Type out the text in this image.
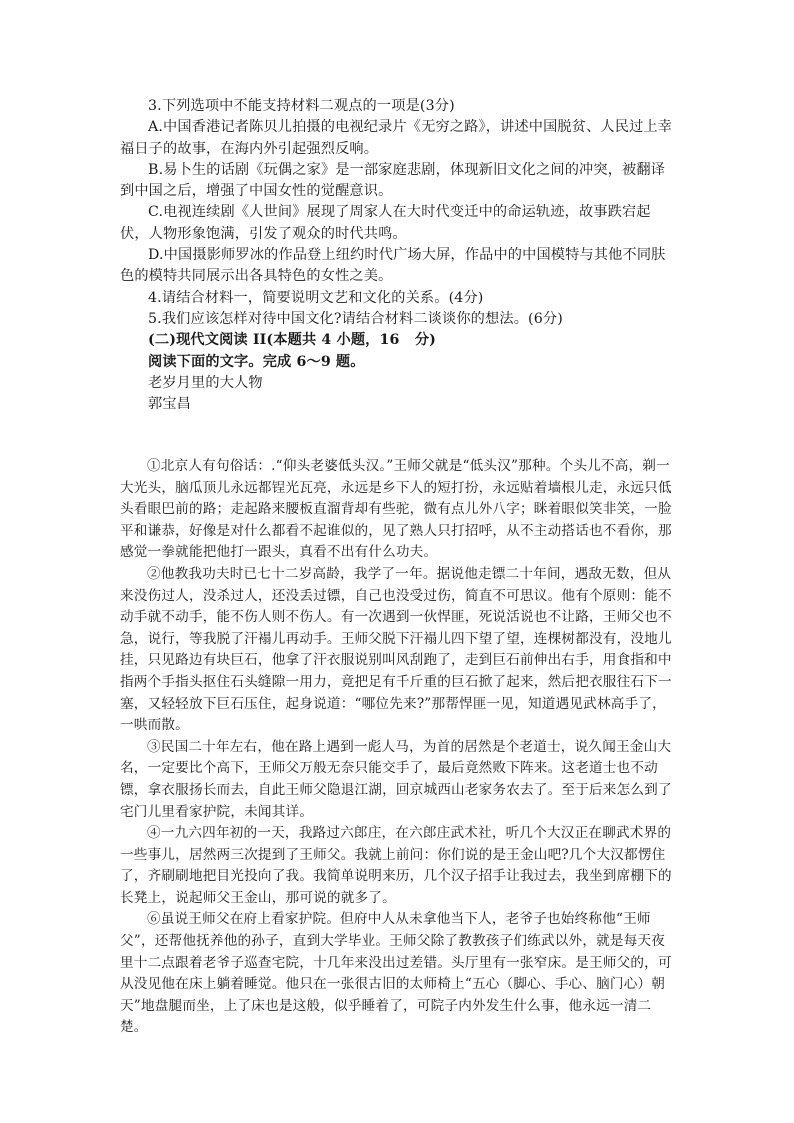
3.下列选项中不能支持材料二观点的一项是(3分)

A.中国香港记者陈贝儿拍摄的电视纪录片《无穷之路》，讲述中国脱贫、人民过上幸福日子的故事，在海内外引起强烈反响。

B.易卜生的话剧《玩偶之家》是一部家庭悲剧，体现新旧文化之间的冲突，被翻译到中国之后，增强了中国女性的觉醒意识。

C.电视连续剧《人世间》展现了周家人在大时代变迁中的命运轨迹，故事跌宕起伏，人物形象饱满，引发了观众的时代共鸣。

D.中国摄影师罗冰的作品登上纽约时代广场大屏，作品中的中国模特与其他不同肤色的模特共同展示出各具特色的女性之美。

4.请结合材料一，简要说明文艺和文化的关系。(4分)

5.我们应该怎样对待中国文化?请结合材料二谈谈你的想法。(6分)

(二)现代文阅读 II(本题共 4 小题，16   分)

阅读下面的文字。完成 6～9 题。

老岁月里的大人物

郭宝昌

①北京人有句俗话：.“仰头老婆低头汉。”王师父就是“低头汉”那种。个头儿不高，剃一大光头，脑瓜顶儿永远都锃光瓦亮，永远是乡下人的短打扮，永远贴着墙根儿走，永远只低头看眼巴前的路；走起路来腰板直溜背却有些驼，微有点儿外八字；眯着眼似笑非笑，一脸平和谦恭，好像是对什么都看不起谁似的，见了熟人只打招呼，从不主动搭话也不看你，那感觉一拳就能把他打一跟头，真看不出有什么功夫。

②他教我功夫时已七十二岁高龄，我学了一年。据说他走镖二十年间，遇敌无数，但从来没伤过人，没杀过人，还没丢过镖，自己也没受过伤，简直不可思议。他有个原则：能不动手就不动手，能不伤人则不伤人。有一次遇到一伙悍匪，死说活说也不让路，王师父也不急，说行，等我脱了汗褟儿再动手。王师父脱下汗褟儿四下望了望，连棵树都没有，没地儿挂，只见路边有块巨石，他拿了汗衣服说别叫风刮跑了，走到巨石前伸出右手，用食指和中指两个手指头抠住石头缝隙一用力，竟把足有千斤重的巨石掀了起来，然后把衣服往石下一塞，又轻轻放下巨石压住，起身说道：“哪位先来?”那帮悍匪一见，知道遇见武林高手了，一哄而散。

③民国二十年左右，他在路上遇到一彪人马，为首的居然是个老道士，说久闻王金山大名，一定要比个高下，王师父万般无奈只能交手了，最后竟然败下阵来。这老道士也不动镖，拿衣服扬长而去，自此王师父隐退江湖，回京城西山老家务农去了。至于后来怎么到了宅门儿里看家护院，未闻其详。

④一九六四年初的一天，我路过六郎庄，在六郎庄武术社，听几个大汉正在聊武术界的一些事儿，居然两三次提到了王师父。我就上前问：你们说的是王金山吧?几个大汉都愣住了，齐刷刷地把目光投向了我。我简单说明来历，几个汉子招手让我过去，我坐到席棚下的长凳上，说起师父王金山，那可说的就多了。

⑥虽说王师父在府上看家护院。但府中人从未拿他当下人，老爷子也始终称他“王师父”，还帮他抚养他的孙子，直到大学毕业。王师父除了教教孩子们练武以外，就是每天夜里十二点跟着老爷子巡查宅院，十几年来没出过差错。头厅里有一张窄床。是王师父的，可从没见他在床上躺着睡觉。他只在一张很古旧的太师椅上“五心（脚心、手心、脑门心）朝天”地盘腿而坐，上了床也是这般，似乎睡着了，可院子内外发生什么事，他永远一清二楚。
